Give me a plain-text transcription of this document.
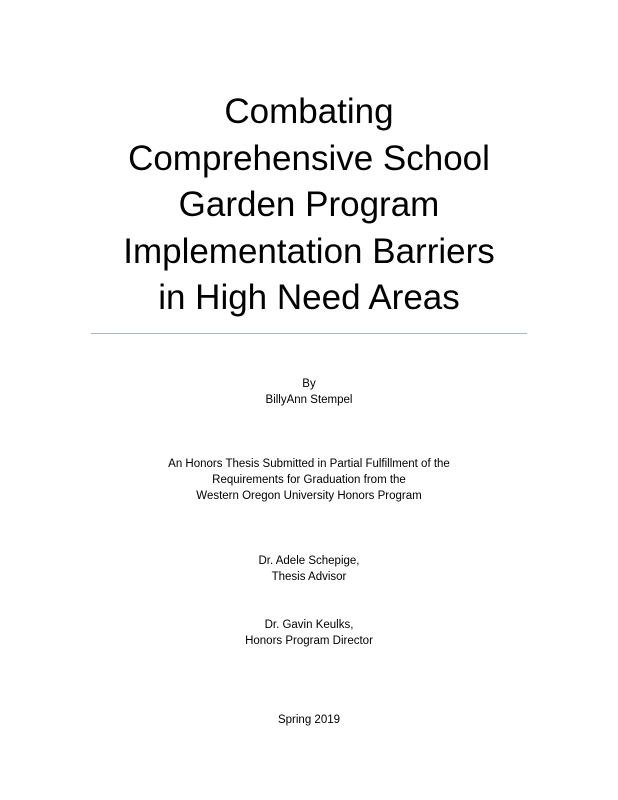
Combating
Comprehensive School
Garden Program
Implementation Barriers
in High Need Areas
By
BillyAnn Stempel
An Honors Thesis Submitted in Partial Fulfillment of the
Requirements for Graduation from the
Western Oregon University Honors Program
Dr. Adele Schepige,
Thesis Advisor
Dr. Gavin Keulks,
Honors Program Director
Spring 2019
